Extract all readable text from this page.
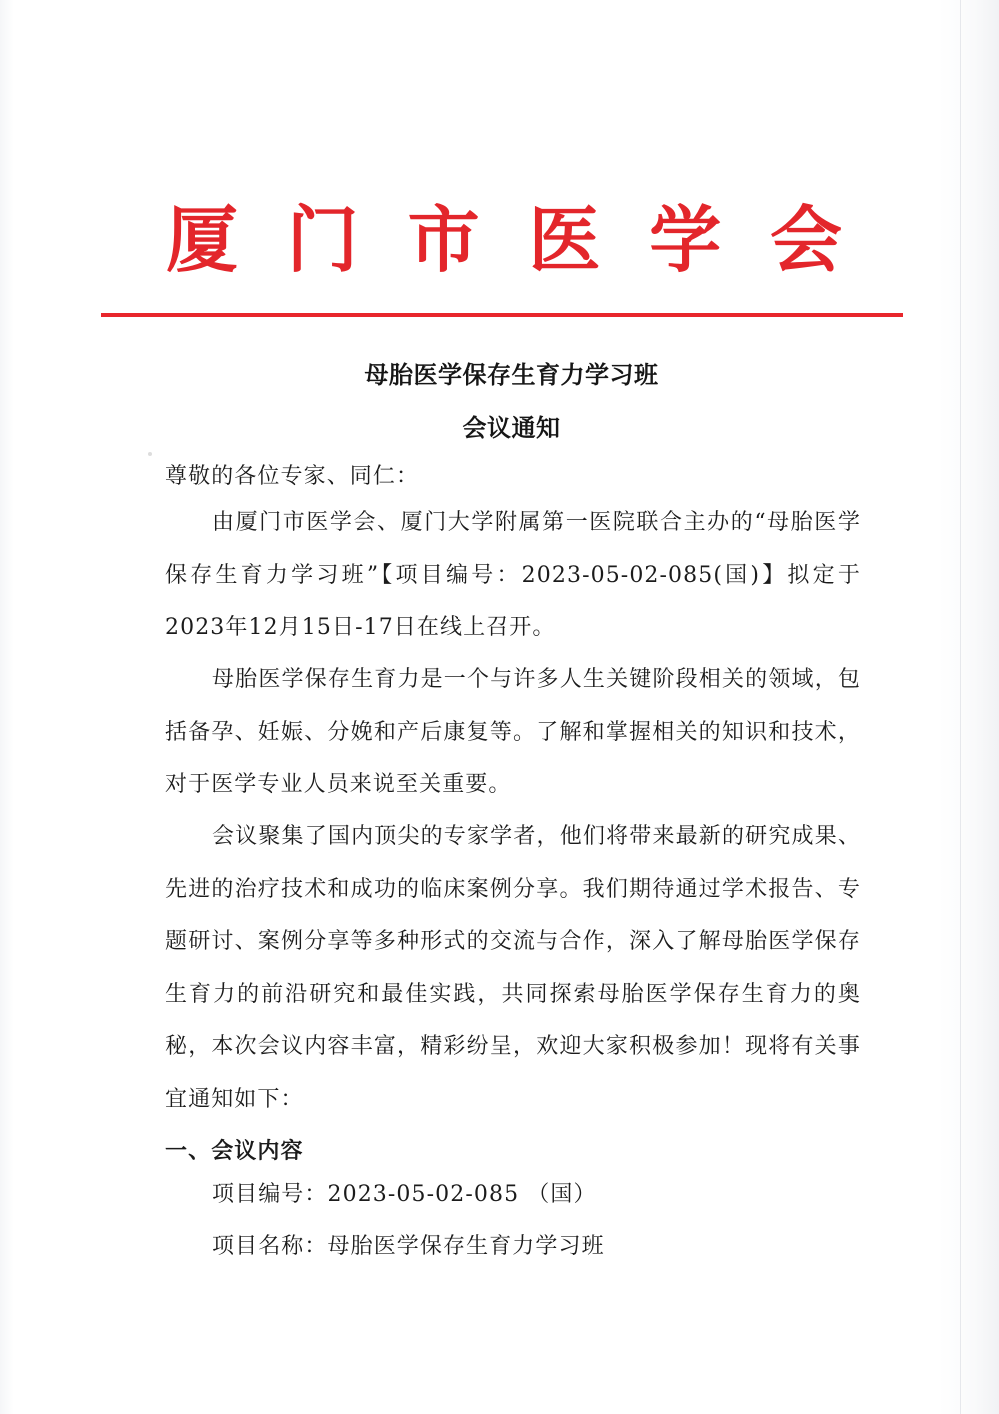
厦 门 市 医 学 会
母胎医学保存生育力学习班
会议通知
尊敬的各位专家、同仁：
由厦门市医学会、厦门大学附属第一医院联合主办的“母胎医学保存生育力学习班”【项目编号：2023-05-02-085(国)】拟定于2023年12月15日-17日在线上召开。
母胎医学保存生育力是一个与许多人生关键阶段相关的领域，包括备孕、妊娠、分娩和产后康复等。了解和掌握相关的知识和技术，对于医学专业人员来说至关重要。
会议聚集了国内顶尖的专家学者，他们将带来最新的研究成果、先进的治疗技术和成功的临床案例分享。我们期待通过学术报告、专题研讨、案例分享等多种形式的交流与合作，深入了解母胎医学保存生育力的前沿研究和最佳实践，共同探索母胎医学保存生育力的奥秘，本次会议内容丰富，精彩纷呈，欢迎大家积极参加！现将有关事宜通知如下：
一、会议内容
项目编号：2023-05-02-085 （国）
项目名称：母胎医学保存生育力学习班
